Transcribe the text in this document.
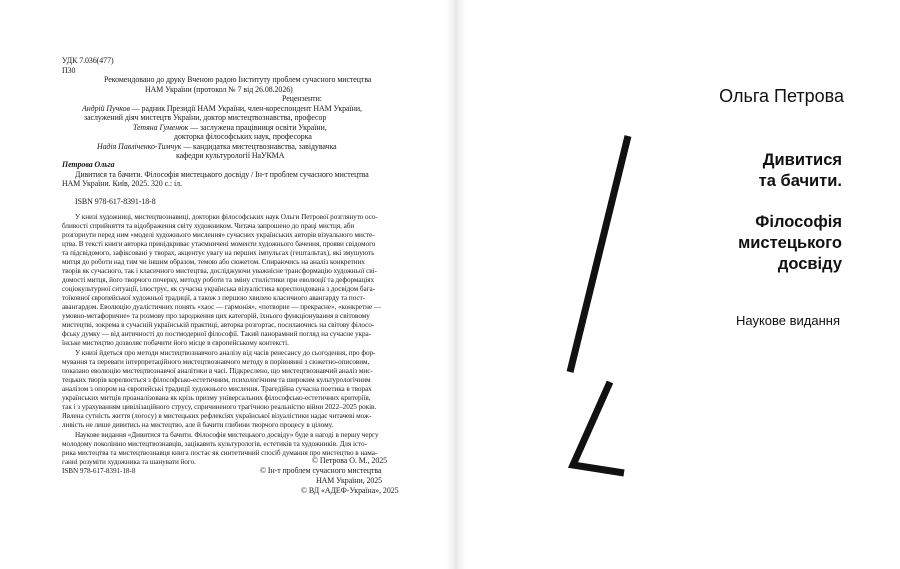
УДК 7.036(477)
П30
Рекомендовано до друку Вченою радою Інституту проблем сучасного мистецтва
НАМ України (протокол № 7 від 26.08.2026)
Рецензенти:
Андрій Пучков — радник Президії НАМ України, член-кореспондент НАМ України,
заслужений діяч мистецтв України, доктор мистецтвознавства, професор
Тетяна Гуменюк — заслужена працівниця освіти України,
докторка філософських наук, професорка
Надія Павліченко-Тимчук — кандидатка мистецтвознавства, завідувачка
кафедри культурології НаУКМА
Петрова Ольга
Дивитися та бачити. Філософія мистецького досвіду / Ін-т проблем сучасного мистецтва
НАМ України. Київ, 2025. 320 с.: іл.
ISBN 978-617-8391-18-8
У книзі художниці, мистецтвознавиці, докторки філософських наук Ольги Петрової розглянуто осо-
бливості сприйняття та відображення світу художником. Читача запрошено до праці мистця, аби
розгорнути перед ним «моделі художнього мислення» сучасних українських авторів візуального мисте-
цтва. В тексті книги авторка принідкриває утаємничені моменти художнього бачення, прояви свідомого
та підсвідомого, зафіксовані у творах, акцентує увагу на перших імпульсах (гештальтах), які змушують
митця до роботи над тим чи іншим образом, темою або сюжетом. Спираючись на аналіз конкретних
творів як сучасного, так і класичного мистецтва, досліджуючи уважнісне трансформацію художньої сві-
домості митця, його творчого почерку, методу роботи та зміну стилістики при еволюції та деформаціях
соціокультурної ситуації, ілюструє, як сучасна українська візуалістика кореспондована з досвідом бага-
тоїковної європейської художньої традиції, а також з першою хвилею класичного авангарду та пост-
авангардом. Еволюцію дуалістичних понять «хаос — гармонія», «потворне — прекрасне», «конкретне —
умовно-метафоричне» та розмову про зародження цих категорій, їхнього функціонування в світовому
мистецтві, зокрема в сучасній українській практиці, авторка розгортає, посилаючись на світову філосо-
фську думку — від античності до постмодерної філософії. Такий панорамний погляд на сучасне укра-
їнське мистецтво дозволяє побачити його місце в європейському контексті.
У книзі йдеться про методи мистецтвознавчого аналізу від часів ренесансу до сьогодення, про фор-
мування та переваги інтерпретаційного мистецтвознавчого методу в порівнянні з сюжетно-описовим,
показано еволюцію мистецтвознавчої аналітики в часі. Підкреслено, що мистецтвознавчий аналіз мис-
тецьких творів корелюється з філософсько-естетичним, психологічним та широким культурологічним
аналізом з опором на європейські традиції художнього мислення. Трагедійна сучасна поетика в творах
українських митців проаналізована як крізь призму універсальних філософсько-естетичних критеріїв,
так і з урахуванням цивілізаційного струсу, спричиненого трагічною реальністю війни 2022–2025 років.
Явлена сутність життя (логосу) в мистецьких рефлексіях української візуалістики надає читачеві мож-
ливість не лише дивитись на мистецтво, але й бачити глибини творчого процесу в цілому.
Наукове видання «Дивитися та бачити. Філософія мистецького досвіду» буде в нагоді в першу чергу
молодому поколінню мистецтвознавців, зацікавить культурологів, естетиків та художників. Для істо-
рика мистецтва та мистецтвознавця книга постає як синтетичний спосіб думання про мистецтво в нама-
ганні розуміти художника та шанувати його.
ISBN 978-617-8391-18-8
© Петрова О. М., 2025
© Ін-т проблем сучасного мистецтва
НАМ України, 2025
© ВД «АДЕФ-Україна», 2025
Ольга Петрова
Дивитися
та бачити.
Філософія
мистецького
досвіду
Наукове видання
